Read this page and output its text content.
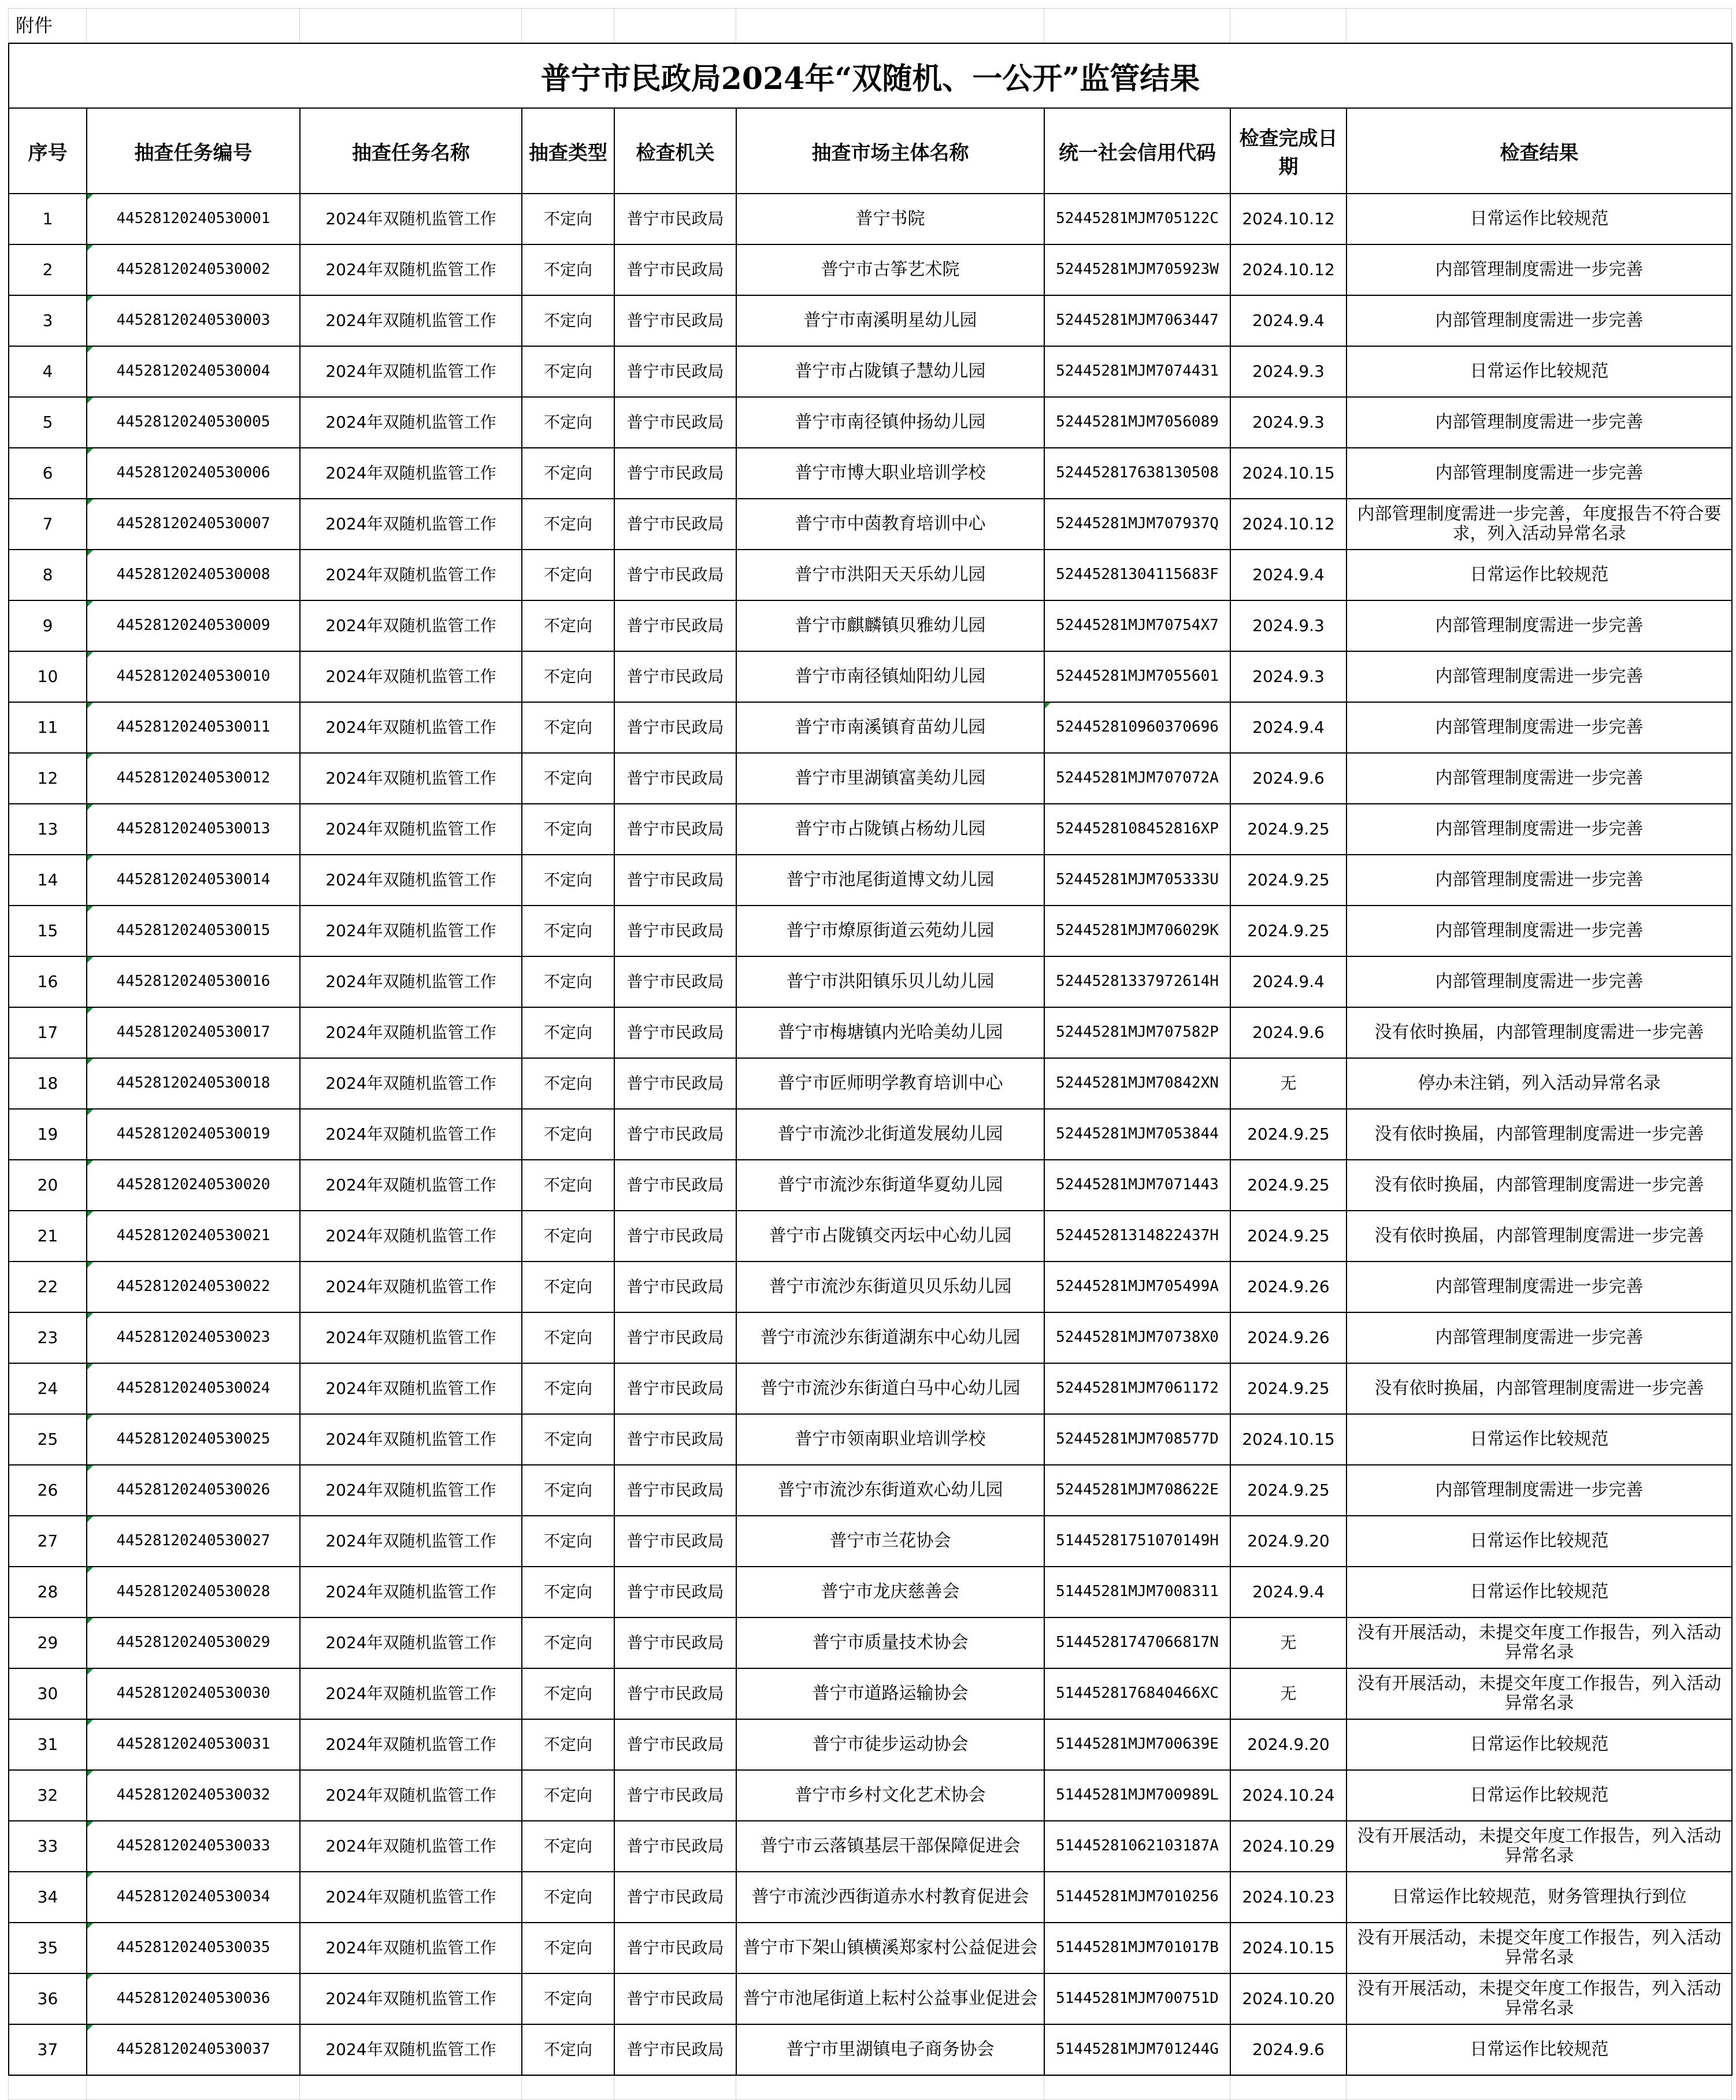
附件								
普宁市民政局2024年“双随机、一公开”监管结果								
序号	抽查任务编号	抽查任务名称	抽查类型	检查机关	抽查市场主体名称	统一社会信用代码	检查完成日期	检查结果
1	44528120240530001	2024年双随机监管工作	不定向	普宁市民政局	普宁书院	52445281MJM705122C	2024.10.12	日常运作比较规范
2	44528120240530002	2024年双随机监管工作	不定向	普宁市民政局	普宁市古筝艺术院	52445281MJM705923W	2024.10.12	内部管理制度需进一步完善
3	44528120240530003	2024年双随机监管工作	不定向	普宁市民政局	普宁市南溪明星幼儿园	52445281MJM7063447	2024.9.4	内部管理制度需进一步完善
4	44528120240530004	2024年双随机监管工作	不定向	普宁市民政局	普宁市占陇镇子慧幼儿园	52445281MJM7074431	2024.9.3	日常运作比较规范
5	44528120240530005	2024年双随机监管工作	不定向	普宁市民政局	普宁市南径镇仲扬幼儿园	52445281MJM7056089	2024.9.3	内部管理制度需进一步完善
6	44528120240530006	2024年双随机监管工作	不定向	普宁市民政局	普宁市博大职业培训学校	524452817638130508	2024.10.15	内部管理制度需进一步完善
7	44528120240530007	2024年双随机监管工作	不定向	普宁市民政局	普宁市中茵教育培训中心	52445281MJM707937Q	2024.10.12	内部管理制度需进一步完善，年度报告不符合要求，列入活动异常名录
8	44528120240530008	2024年双随机监管工作	不定向	普宁市民政局	普宁市洪阳天天乐幼儿园	52445281304115683F	2024.9.4	日常运作比较规范
9	44528120240530009	2024年双随机监管工作	不定向	普宁市民政局	普宁市麒麟镇贝雅幼儿园	52445281MJM70754X7	2024.9.3	内部管理制度需进一步完善
10	44528120240530010	2024年双随机监管工作	不定向	普宁市民政局	普宁市南径镇灿阳幼儿园	52445281MJM7055601	2024.9.3	内部管理制度需进一步完善
11	44528120240530011	2024年双随机监管工作	不定向	普宁市民政局	普宁市南溪镇育苗幼儿园	524452810960370696	2024.9.4	内部管理制度需进一步完善
12	44528120240530012	2024年双随机监管工作	不定向	普宁市民政局	普宁市里湖镇富美幼儿园	52445281MJM707072A	2024.9.6	内部管理制度需进一步完善
13	44528120240530013	2024年双随机监管工作	不定向	普宁市民政局	普宁市占陇镇占杨幼儿园	5244528108452816XP	2024.9.25	内部管理制度需进一步完善
14	44528120240530014	2024年双随机监管工作	不定向	普宁市民政局	普宁市池尾街道博文幼儿园	52445281MJM705333U	2024.9.25	内部管理制度需进一步完善
15	44528120240530015	2024年双随机监管工作	不定向	普宁市民政局	普宁市燎原街道云苑幼儿园	52445281MJM706029K	2024.9.25	内部管理制度需进一步完善
16	44528120240530016	2024年双随机监管工作	不定向	普宁市民政局	普宁市洪阳镇乐贝儿幼儿园	52445281337972614H	2024.9.4	内部管理制度需进一步完善
17	44528120240530017	2024年双随机监管工作	不定向	普宁市民政局	普宁市梅塘镇内光哈美幼儿园	52445281MJM707582P	2024.9.6	没有依时换届，内部管理制度需进一步完善
18	44528120240530018	2024年双随机监管工作	不定向	普宁市民政局	普宁市匠师明学教育培训中心	52445281MJM70842XN	无	停办未注销，列入活动异常名录
19	44528120240530019	2024年双随机监管工作	不定向	普宁市民政局	普宁市流沙北街道发展幼儿园	52445281MJM7053844	2024.9.25	没有依时换届，内部管理制度需进一步完善
20	44528120240530020	2024年双随机监管工作	不定向	普宁市民政局	普宁市流沙东街道华夏幼儿园	52445281MJM7071443	2024.9.25	没有依时换届，内部管理制度需进一步完善
21	44528120240530021	2024年双随机监管工作	不定向	普宁市民政局	普宁市占陇镇交丙坛中心幼儿园	52445281314822437H	2024.9.25	没有依时换届，内部管理制度需进一步完善
22	44528120240530022	2024年双随机监管工作	不定向	普宁市民政局	普宁市流沙东街道贝贝乐幼儿园	52445281MJM705499A	2024.9.26	内部管理制度需进一步完善
23	44528120240530023	2024年双随机监管工作	不定向	普宁市民政局	普宁市流沙东街道湖东中心幼儿园	52445281MJM70738X0	2024.9.26	内部管理制度需进一步完善
24	44528120240530024	2024年双随机监管工作	不定向	普宁市民政局	普宁市流沙东街道白马中心幼儿园	52445281MJM7061172	2024.9.25	没有依时换届，内部管理制度需进一步完善
25	44528120240530025	2024年双随机监管工作	不定向	普宁市民政局	普宁市领南职业培训学校	52445281MJM708577D	2024.10.15	日常运作比较规范
26	44528120240530026	2024年双随机监管工作	不定向	普宁市民政局	普宁市流沙东街道欢心幼儿园	52445281MJM708622E	2024.9.25	内部管理制度需进一步完善
27	44528120240530027	2024年双随机监管工作	不定向	普宁市民政局	普宁市兰花协会	51445281751070149H	2024.9.20	日常运作比较规范
28	44528120240530028	2024年双随机监管工作	不定向	普宁市民政局	普宁市龙庆慈善会	51445281MJM7008311	2024.9.4	日常运作比较规范
29	44528120240530029	2024年双随机监管工作	不定向	普宁市民政局	普宁市质量技术协会	51445281747066817N	无	没有开展活动，未提交年度工作报告，列入活动异常名录
30	44528120240530030	2024年双随机监管工作	不定向	普宁市民政局	普宁市道路运输协会	5144528176840466XC	无	没有开展活动，未提交年度工作报告，列入活动异常名录
31	44528120240530031	2024年双随机监管工作	不定向	普宁市民政局	普宁市徒步运动协会	51445281MJM700639E	2024.9.20	日常运作比较规范
32	44528120240530032	2024年双随机监管工作	不定向	普宁市民政局	普宁市乡村文化艺术协会	51445281MJM700989L	2024.10.24	日常运作比较规范
33	44528120240530033	2024年双随机监管工作	不定向	普宁市民政局	普宁市云落镇基层干部保障促进会	51445281062103187A	2024.10.29	没有开展活动，未提交年度工作报告，列入活动异常名录
34	44528120240530034	2024年双随机监管工作	不定向	普宁市民政局	普宁市流沙西街道赤水村教育促进会	51445281MJM7010256	2024.10.23	日常运作比较规范，财务管理执行到位
35	44528120240530035	2024年双随机监管工作	不定向	普宁市民政局	普宁市下架山镇横溪郑家村公益促进会	51445281MJM701017B	2024.10.15	没有开展活动，未提交年度工作报告，列入活动异常名录
36	44528120240530036	2024年双随机监管工作	不定向	普宁市民政局	普宁市池尾街道上耘村公益事业促进会	51445281MJM700751D	2024.10.20	没有开展活动，未提交年度工作报告，列入活动异常名录
37	44528120240530037	2024年双随机监管工作	不定向	普宁市民政局	普宁市里湖镇电子商务协会	51445281MJM701244G	2024.9.6	日常运作比较规范
